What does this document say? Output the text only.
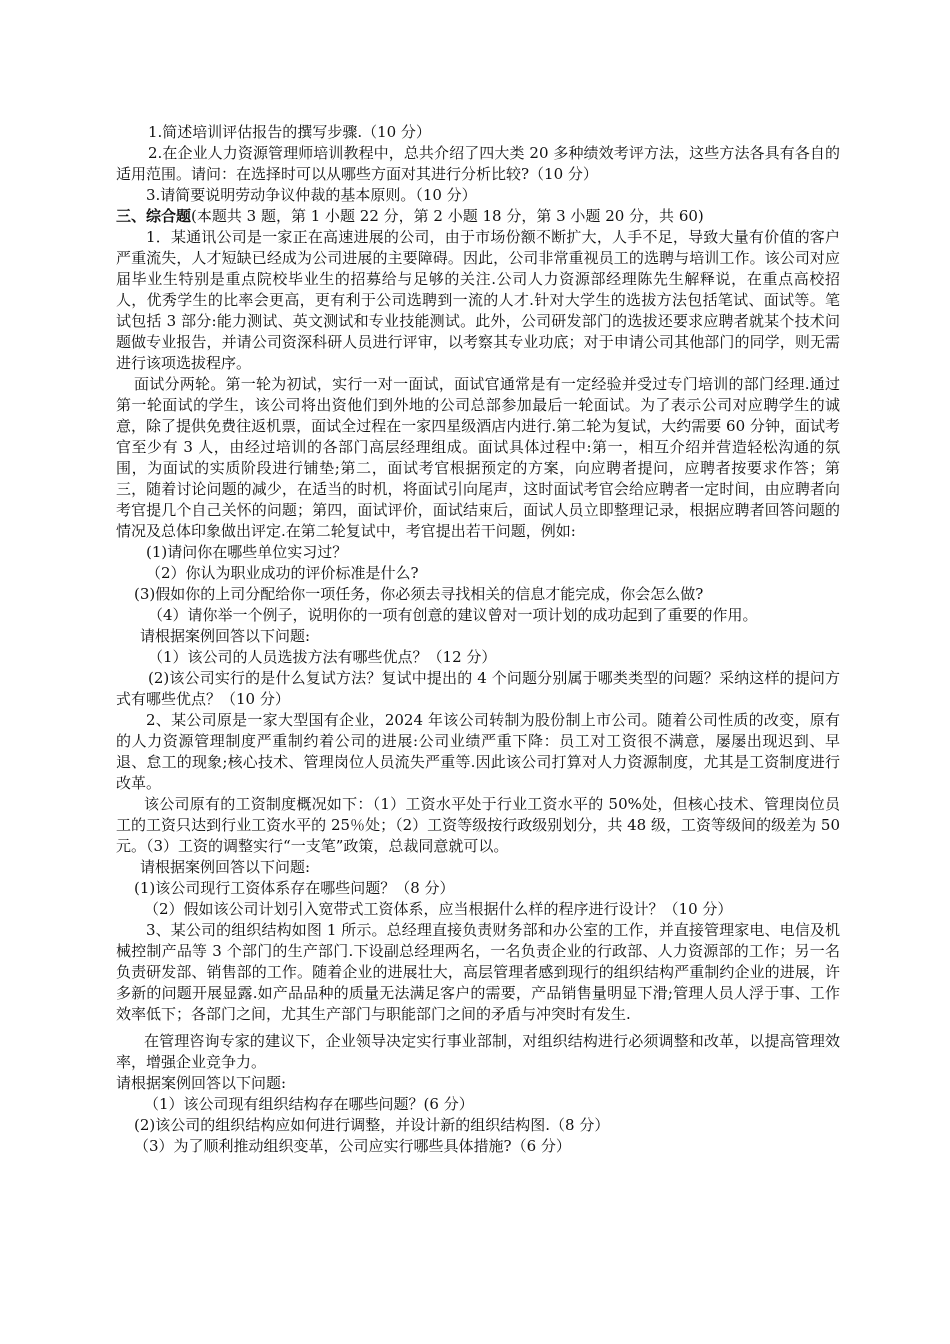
1.简述培训评估报告的撰写步骤.（10 分）

2.在企业人力资源管理师培训教程中，总共介绍了四大类 20 多种绩效考评方法，这些方法各具有各自的适用范围。请问：在选择时可以从哪些方面对其进行分析比较?（10 分）

3.请简要说明劳动争议仲裁的基本原则。（10 分）

三、综合题(本题共 3 题，第 1 小题 22 分，第 2 小题 18 分，第 3 小题 20 分，共 60)

1．某通讯公司是一家正在高速进展的公司，由于市场份额不断扩大，人手不足，导致大量有价值的客户严重流失，人才短缺已经成为公司进展的主要障碍。因此，公司非常重视员工的选聘与培训工作。该公司对应届毕业生特别是重点院校毕业生的招募给与足够的关注.公司人力资源部经理陈先生解释说，在重点高校招人，优秀学生的比率会更高，更有利于公司选聘到一流的人才.针对大学生的选拔方法包括笔试、面试等。笔试包括 3 部分:能力测试、英文测试和专业技能测试。此外，公司研发部门的选拔还要求应聘者就某个技术问题做专业报告，并请公司资深科研人员进行评审，以考察其专业功底；对于申请公司其他部门的同学，则无需进行该项选拔程序。

面试分两轮。第一轮为初试，实行一对一面试，面试官通常是有一定经验并受过专门培训的部门经理.通过第一轮面试的学生，该公司将出资他们到外地的公司总部参加最后一轮面试。为了表示公司对应聘学生的诚意，除了提供免费往返机票，面试全过程在一家四星级酒店内进行.第二轮为复试，大约需要 60 分钟，面试考官至少有 3 人，由经过培训的各部门高层经理组成。面试具体过程中:第一，相互介绍并营造轻松沟通的氛围，为面试的实质阶段进行铺垫;第二，面试考官根据预定的方案，向应聘者提问，应聘者按要求作答；第三，随着讨论问题的减少，在适当的时机，将面试引向尾声，这时面试考官会给应聘者一定时间，由应聘者向考官提几个自己关怀的问题；第四，面试评价，面试结束后，面试人员立即整理记录，根据应聘者回答问题的情况及总体印象做出评定.在第二轮复试中，考官提出若干问题，例如:

(1)请问你在哪些单位实习过？

（2）你认为职业成功的评价标准是什么?

(3)假如你的上司分配给你一项任务，你必须去寻找相关的信息才能完成，你会怎么做?

（4）请你举一个例子，说明你的一项有创意的建议曾对一项计划的成功起到了重要的作用。

请根据案例回答以下问题:

（1）该公司的人员选拔方法有哪些优点？（12 分）

(2)该公司实行的是什么复试方法？复试中提出的 4 个问题分别属于哪类类型的问题？采纳这样的提问方式有哪些优点？（10 分）

2、某公司原是一家大型国有企业，2024 年该公司转制为股份制上市公司。随着公司性质的改变，原有的人力资源管理制度严重制约着公司的进展:公司业绩严重下降：员工对工资很不满意，屡屡出现迟到、早退、怠工的现象;核心技术、管理岗位人员流失严重等.因此该公司打算对人力资源制度，尤其是工资制度进行改革。

该公司原有的工资制度概况如下：（1）工资水平处于行业工资水平的 50%处，但核心技术、管理岗位员工的工资只达到行业工资水平的 25％处；（2）工资等级按行政级别划分，共 48 级，工资等级间的级差为 50 元。（3）工资的调整实行“一支笔”政策，总裁同意就可以。

请根据案例回答以下问题:

(1)该公司现行工资体系存在哪些问题？（8 分）

（2）假如该公司计划引入宽带式工资体系，应当根据什么样的程序进行设计？（10 分）

3、某公司的组织结构如图 1 所示。总经理直接负责财务部和办公室的工作，并直接管理家电、电信及机械控制产品等 3 个部门的生产部门.下设副总经理两名，一名负责企业的行政部、人力资源部的工作；另一名负责研发部、销售部的工作。随着企业的进展壮大，高层管理者感到现行的组织结构严重制约企业的进展，许多新的问题开展显露.如产品品种的质量无法满足客户的需要，产品销售量明显下滑;管理人员人浮于事、工作效率低下；各部门之间，尤其生产部门与职能部门之间的矛盾与冲突时有发生.

在管理咨询专家的建议下，企业领导决定实行事业部制，对组织结构进行必须调整和改革，以提高管理效率，增强企业竞争力。

请根据案例回答以下问题:

（1）该公司现有组织结构存在哪些问题？(6 分）

(2)该公司的组织结构应如何进行调整，并设计新的组织结构图.（8 分）

（3）为了顺利推动组织变革，公司应实行哪些具体措施?（6 分）
